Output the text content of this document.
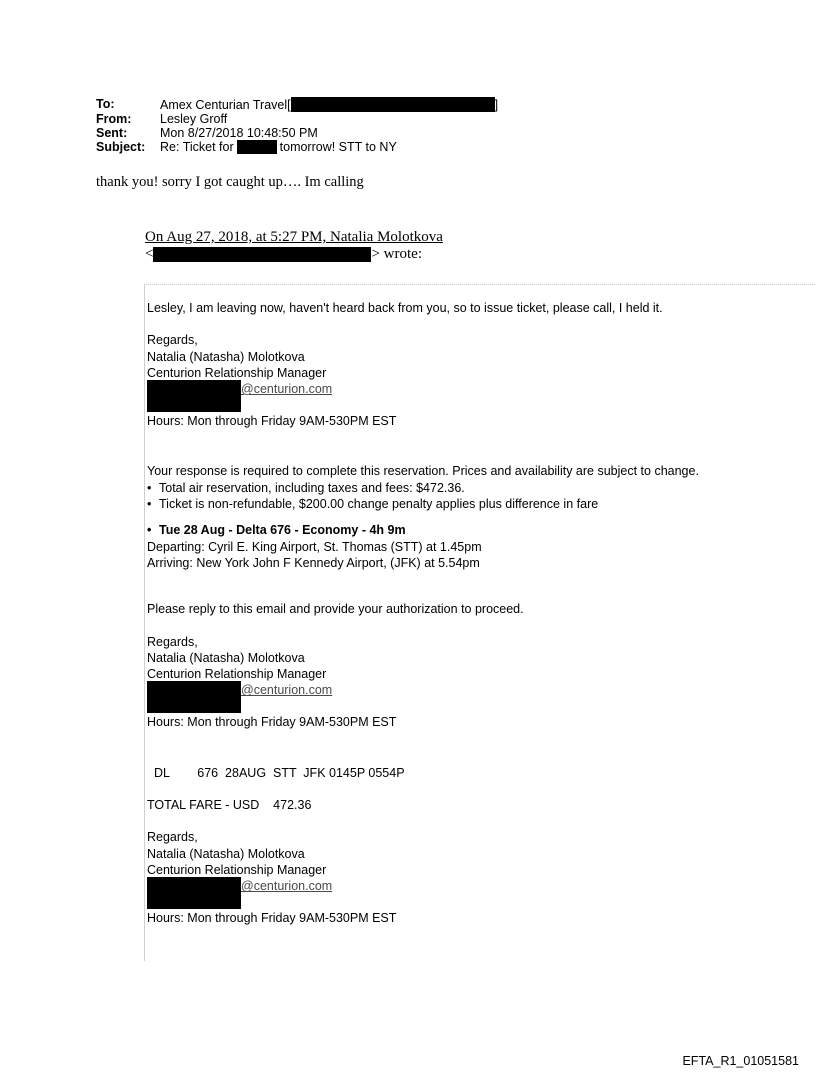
To:	Amex Centurian Travel[	]
From:	Lesley Groff
Sent:	Mon 8/27/2018 10:48:50 PM
Subject:	Re: Ticket for	tomorrow! STT to NY
thank you! sorry I got caught up…. Im calling
On Aug 27, 2018, at 5:27 PM, Natalia Molotkova
<	> wrote:
Lesley, I am leaving now, haven't heard back from you, so to issue ticket, please call, I held it.
Regards,
Natalia (Natasha) Molotkova
Centurion Relationship Manager
@centurion.com
Hours: Mon through Friday 9AM-530PM EST
Your response is required to complete this reservation. Prices and availability are subject to change.
• Total air reservation, including taxes and fees: $472.36.
• Ticket is non-refundable, $200.00 change penalty applies plus difference in fare
• Tue 28 Aug - Delta 676 - Economy - 4h 9m
Departing: Cyril E. King Airport, St. Thomas (STT) at 1.45pm
Arriving: New York John F Kennedy Airport, (JFK) at 5.54pm
Please reply to this email and provide your authorization to proceed.
Regards,
Natalia (Natasha) Molotkova
Centurion Relationship Manager
@centurion.com
Hours: Mon through Friday 9AM-530PM EST
DL        676  28AUG  STT  JFK 0145P 0554P
TOTAL FARE - USD    472.36
Regards,
Natalia (Natasha) Molotkova
Centurion Relationship Manager
@centurion.com
Hours: Mon through Friday 9AM-530PM EST
EFTA_R1_01051581
